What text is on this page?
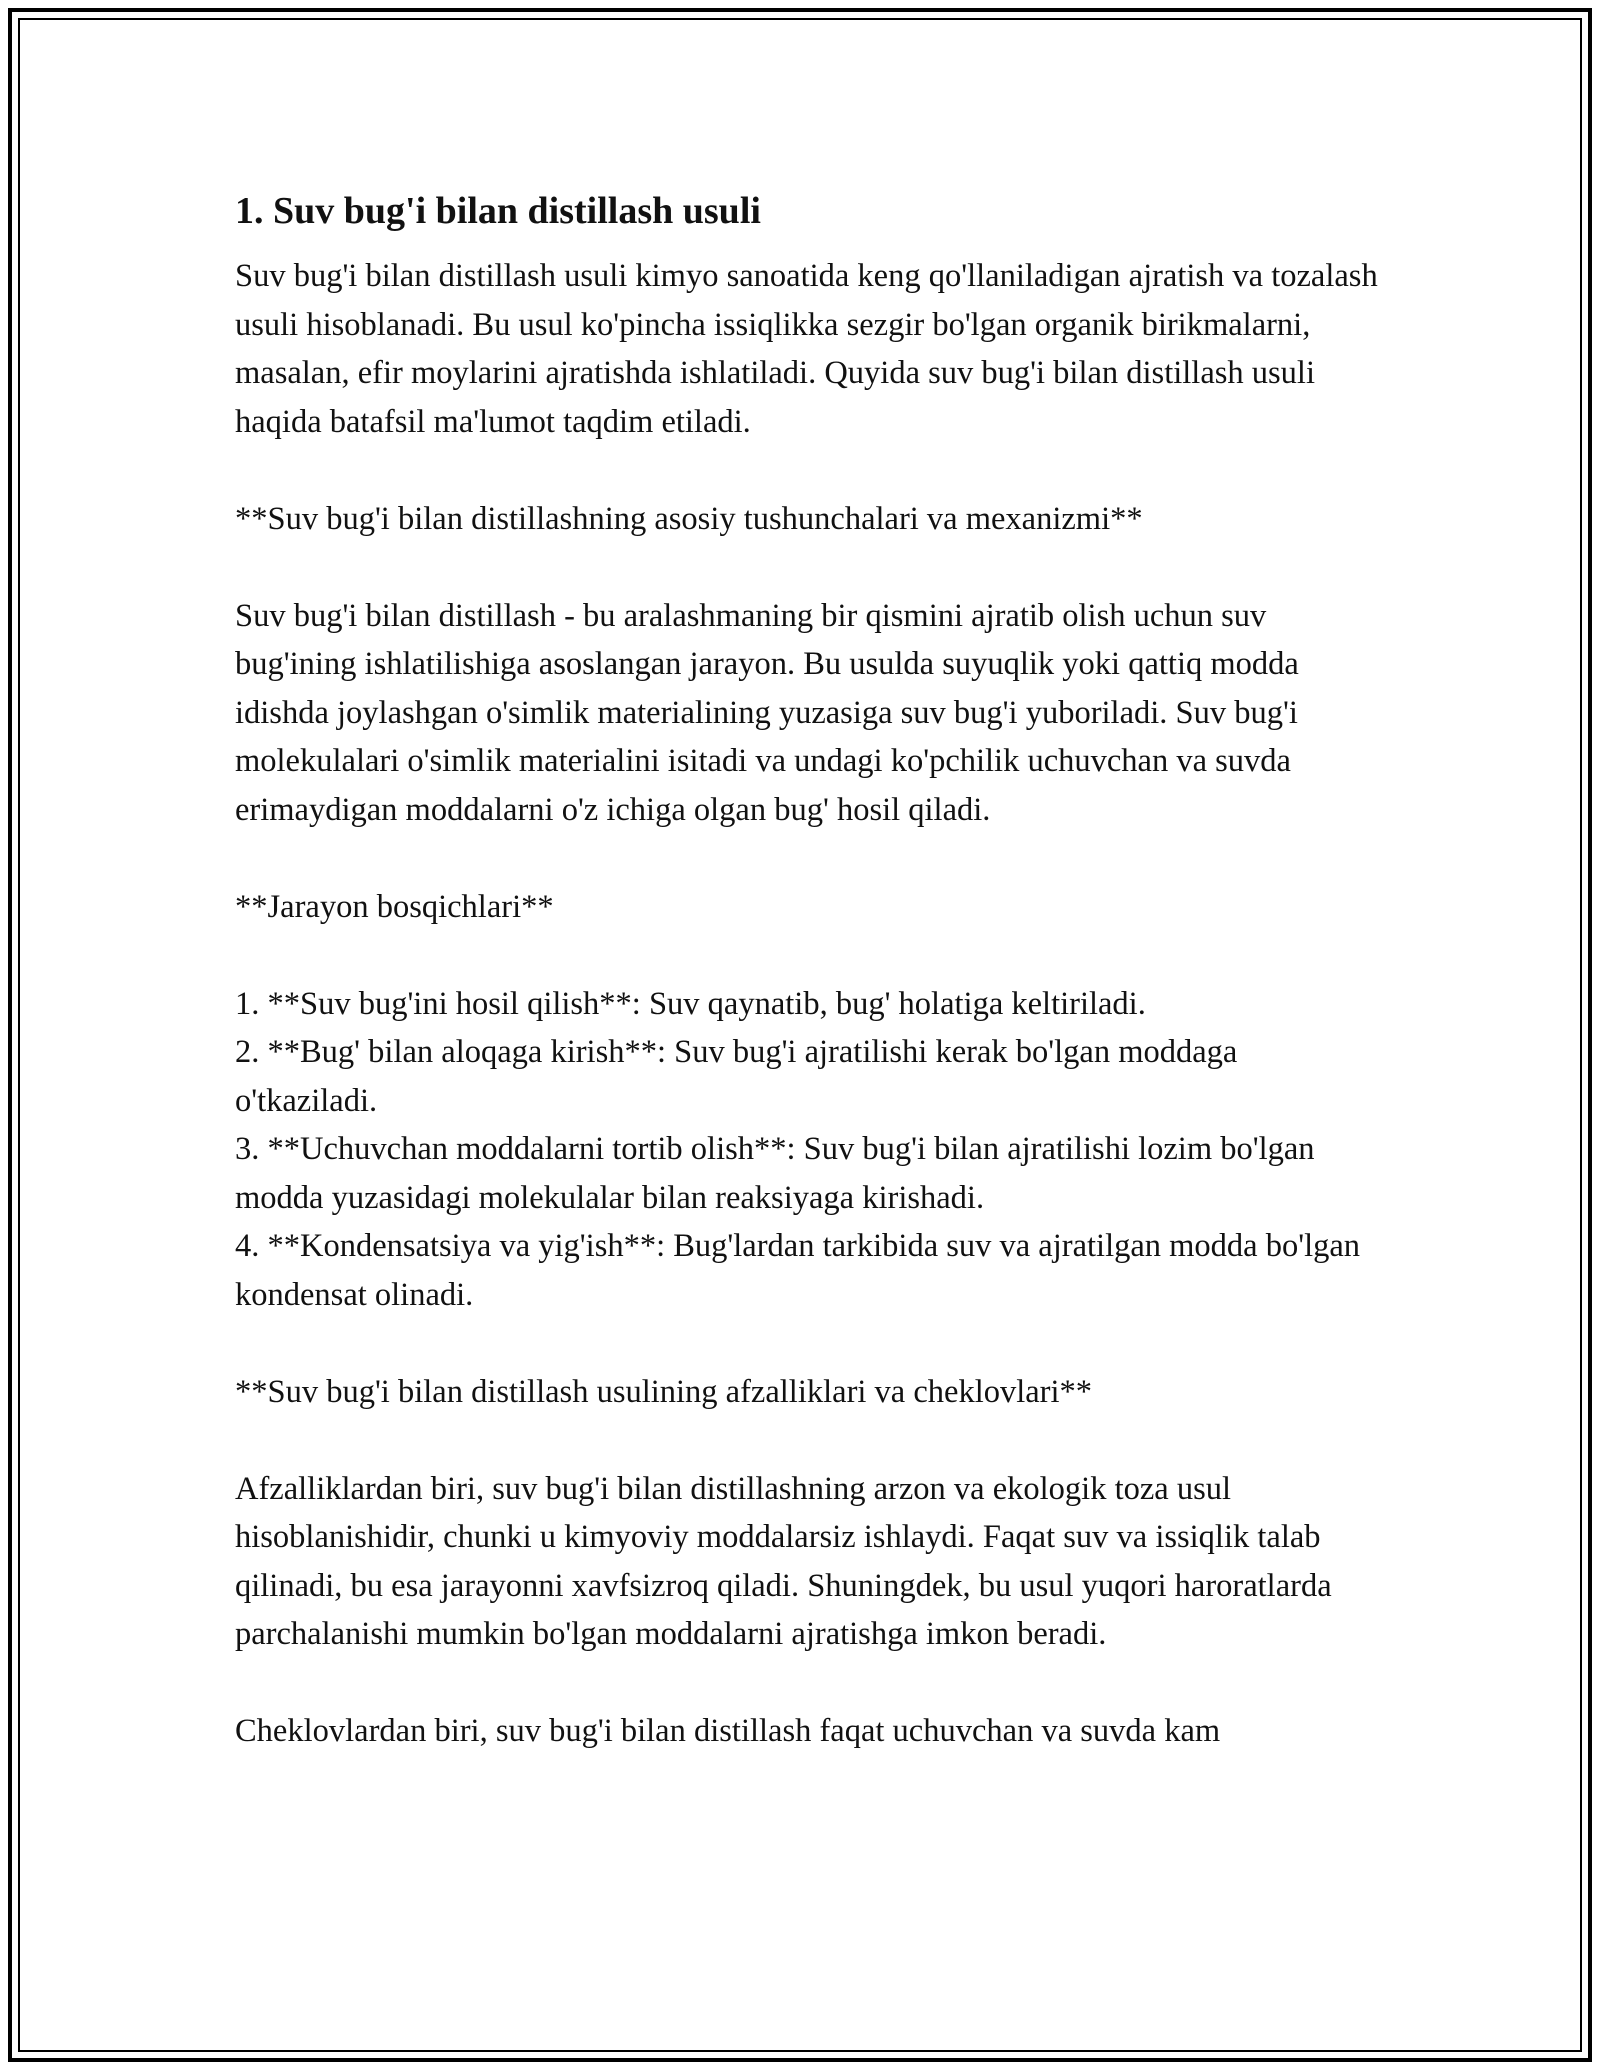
1. Suv bug'i bilan distillash usuli

Suv bug'i bilan distillash usuli kimyo sanoatida keng qo'llaniladigan ajratish va tozalash usuli hisoblanadi. Bu usul ko'pincha issiqlikka sezgir bo'lgan organik birikmalarni, masalan, efir moylarini ajratishda ishlatiladi. Quyida suv bug'i bilan distillash usuli haqida batafsil ma'lumot taqdim etiladi.

**Suv bug'i bilan distillashning asosiy tushunchalari va mexanizmi**

Suv bug'i bilan distillash - bu aralashmaning bir qismini ajratib olish uchun suv bug'ining ishlatilishiga asoslangan jarayon. Bu usulda suyuqlik yoki qattiq modda idishda joylashgan o'simlik materialining yuzasiga suv bug'i yuboriladi. Suv bug'i molekulalari o'simlik materialini isitadi va undagi ko'pchilik uchuvchan va suvda erimaydigan moddalarni o'z ichiga olgan bug' hosil qiladi.

**Jarayon bosqichlari**

1. **Suv bug'ini hosil qilish**: Suv qaynatib, bug' holatiga keltiriladi.

2. **Bug' bilan aloqaga kirish**: Suv bug'i ajratilishi kerak bo'lgan moddaga o'tkaziladi.

3. **Uchuvchan moddalarni tortib olish**: Suv bug'i bilan ajratilishi lozim bo'lgan modda yuzasidagi molekulalar bilan reaksiyaga kirishadi.

4. **Kondensatsiya va yig'ish**: Bug'lardan tarkibida suv va ajratilgan modda bo'lgan kondensat olinadi.

**Suv bug'i bilan distillash usulining afzalliklari va cheklovlari**

Afzalliklardan biri, suv bug'i bilan distillashning arzon va ekologik toza usul hisoblanishidir, chunki u kimyoviy moddalarsiz ishlaydi. Faqat suv va issiqlik talab qilinadi, bu esa jarayonni xavfsizroq qiladi. Shuningdek, bu usul yuqori haroratlarda parchalanishi mumkin bo'lgan moddalarni ajratishga imkon beradi.

Cheklovlardan biri, suv bug'i bilan distillash faqat uchuvchan va suvda kam
